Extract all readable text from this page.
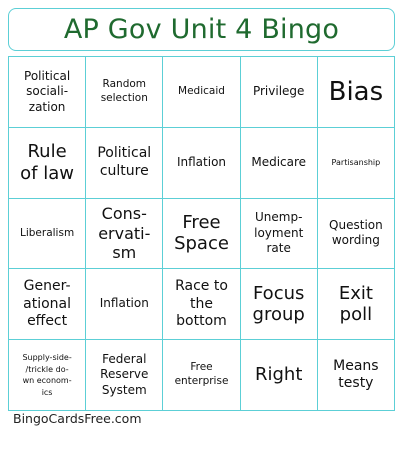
AP Gov Unit 4 Bingo
Political
sociali-
zation
Random
selection
Medicaid Privilege Bias
Rule
of law
Political
culture
Inflation Medicare	Partisanship
Liberalism
Cons-
ervati-
sm
Free
Space
Unemp-
loyment
rate
Question
wording
Gener-
ational
effect
Inflation
Race to
the
bottom
Focus
group
Exit
poll
Supply-side-
/trickle do-
wn econom-
ics
Federal
Reserve
System
Free
enterprise Right Means
testy
BingoCardsFree.com
